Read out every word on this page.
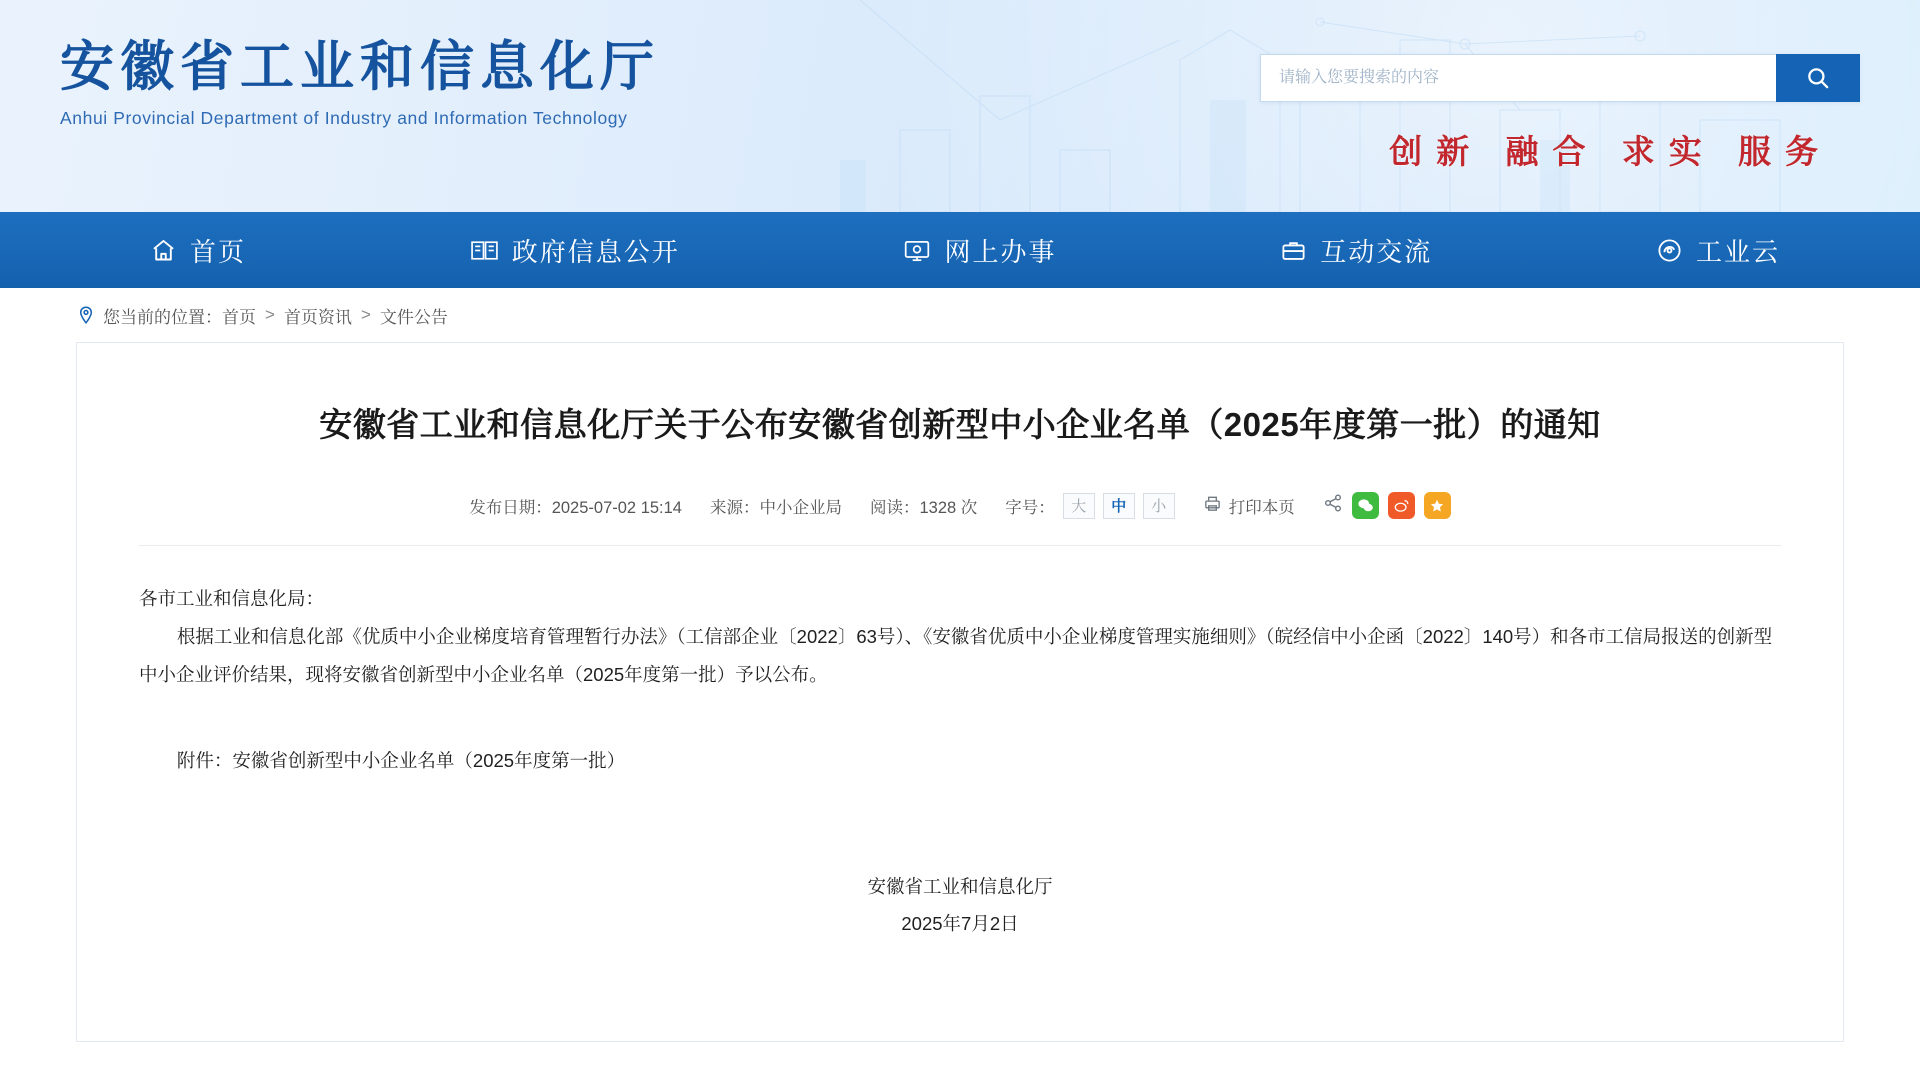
安徽省工业和信息化厅
Anhui Provincial Department of Industry and Information Technology
请输入您要搜索的内容
创新 融合 求实 服务
首页	政府信息公开	网上办事	互动交流	工业云
您当前的位置： 首页 > 首页资讯 > 文件公告
安徽省工业和信息化厅关于公布安徽省创新型中小企业名单（2025年度第一批）的通知
发布日期：2025-07-02 15:14 来源：中小企业局 阅读：1328 次 字号：	大	中	小	打印本页

各市工业和信息化局：

根据工业和信息化部《优质中小企业梯度培育管理暂行办法》（工信部企业〔2022〕63号）、《安徽省优质中小企业梯度管理实施细则》（皖经信中小企函〔2022〕140号）和各市工信局报送的创新型中小企业评价结果，现将安徽省创新型中小企业名单（2025年度第一批）予以公布。

附件：安徽省创新型中小企业名单（2025年度第一批）

安徽省工业和信息化厅
2025年7月2日
